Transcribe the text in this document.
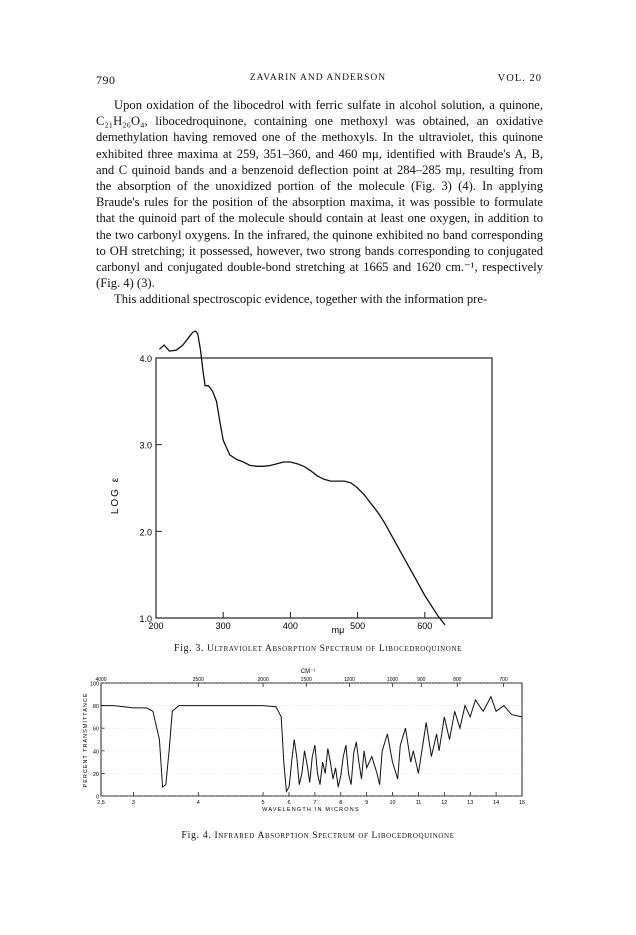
790	ZAVARIN AND ANDERSON	VOL. 20

Upon oxidation of the libocedrol with ferric sulfate in alcohol solution, a quinone, C₂₁H₂₆O₄, libocedroquinone, containing one methoxyl was obtained, an oxidative demethylation having removed one of the methoxyls. In the ultraviolet, this quinone exhibited three maxima at 259, 351–360, and 460 mμ, identified with Braude's A, B, and C quinoid bands and a benzenoid deflection point at 284–285 mμ, resulting from the absorption of the unoxidized portion of the molecule (Fig. 3) (4). In applying Braude's rules for the position of the absorption maxima, it was possible to formulate that the quinoid part of the molecule should contain at least one oxygen, in addition to the two carbonyl oxygens. In the infrared, the quinone exhibited no band corresponding to OH stretching; it possessed, however, two strong bands corresponding to conjugated carbonyl and conjugated double-bond stretching at 1665 and 1620 cm.⁻¹, respectively (Fig. 4) (3).

This additional spectroscopic evidence, together with the information pre-

1.0
2.0
3.0
4.0
200	300	400	500	600
LOG ε
mμ
Fig. 3. Ultraviolet Absorption Spectrum of Libocedroquinone
CM⁻¹
4000	2500	2000	1500	1200	1000	900	800	700
0
20
40
60
80
100
2.5	3	4	5	6	7	8	9	10	11	12	13	14	15
PERCENT TRANSMITTANCE
WAVELENGTH IN MICRONS
Fig. 4. Infrared Absorption Spectrum of Libocedroquinone
